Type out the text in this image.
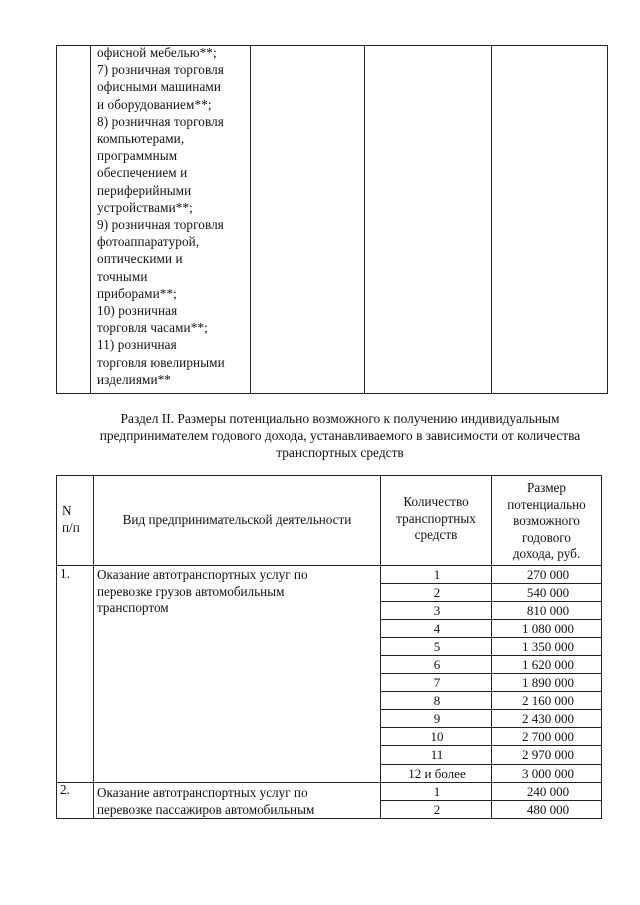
офисной мебелью**;
7) розничная торговля
офисными машинами
и оборудованием**;
8) розничная торговля
компьютерами,
программным
обеспечением и
периферийными
устройствами**;
9) розничная торговля
фотоаппаратурой,
оптическими и
точными
приборами**;
10) розничная
торговля часами**;
11) розничная
торговля ювелирными
изделиями**
Раздел II. Размеры потенциально возможного к получению индивидуальным
предпринимателем годового дохода, устанавливаемого в зависимости от количества
транспортных средств
N
п/п
Вид предпринимательской деятельности
Количество
транспортных
средств
Размер
потенциально
возможного
годового
дохода, руб.
1. Оказание автотранспортных услуг по
перевозке грузов автомобильным
транспортом
1
2
3
4
5
6
7
8
9
10
11
12 и более
270 000
540 000
810 000
1 080 000
1 350 000
1 620 000
1 890 000
2 160 000
2 430 000
2 700 000
2 970 000
3 000 000
2. Оказание автотранспортных услуг по
перевозке пассажиров автомобильным
1
2
240 000
480 000
